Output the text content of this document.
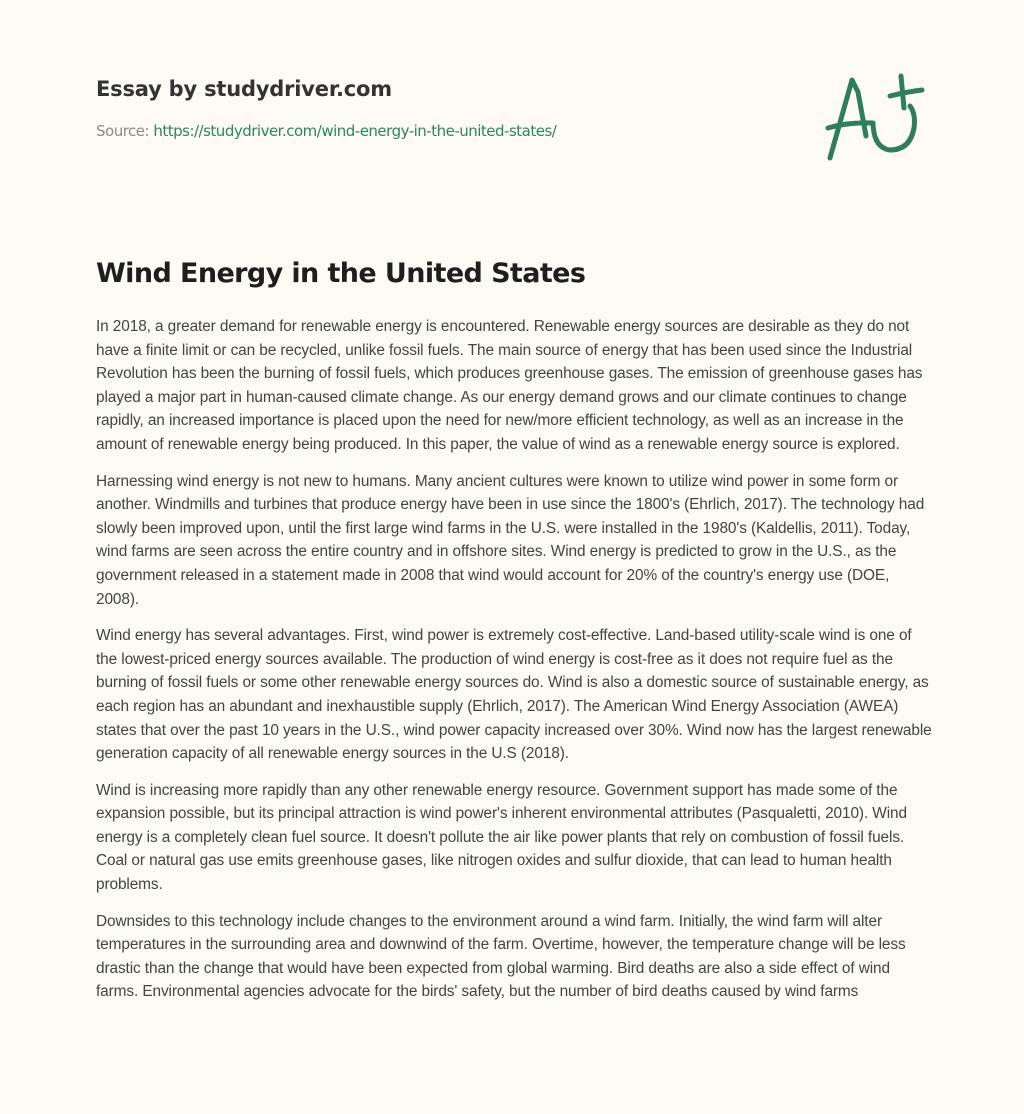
Essay by studydriver.com
Source: https://studydriver.com/wind-energy-in-the-united-states/
Wind Energy in the United States

In 2018, a greater demand for renewable energy is encountered. Renewable energy sources are desirable as they do not have a finite limit or can be recycled, unlike fossil fuels. The main source of energy that has been used since the Industrial Revolution has been the burning of fossil fuels, which produces greenhouse gases. The emission of greenhouse gases has played a major part in human-caused climate change. As our energy demand grows and our climate continues to change rapidly, an increased importance is placed upon the need for new/more efficient technology, as well as an increase in the amount of renewable energy being produced. In this paper, the value of wind as a renewable energy source is explored.

Harnessing wind energy is not new to humans. Many ancient cultures were known to utilize wind power in some form or another. Windmills and turbines that produce energy have been in use since the 1800's (Ehrlich, 2017). The technology had slowly been improved upon, until the first large wind farms in the U.S. were installed in the 1980's (Kaldellis, 2011). Today, wind farms are seen across the entire country and in offshore sites. Wind energy is predicted to grow in the U.S., as the government released in a statement made in 2008 that wind would account for 20% of the country's energy use (DOE, 2008).

Wind energy has several advantages. First, wind power is extremely cost-effective. Land-based utility-scale wind is one of the lowest-priced energy sources available. The production of wind energy is cost-free as it does not require fuel as the burning of fossil fuels or some other renewable energy sources do. Wind is also a domestic source of sustainable energy, as each region has an abundant and inexhaustible supply (Ehrlich, 2017). The American Wind Energy Association (AWEA) states that over the past 10 years in the U.S., wind power capacity increased over 30%. Wind now has the largest renewable generation capacity of all renewable energy sources in the U.S (2018).

Wind is increasing more rapidly than any other renewable energy resource. Government support has made some of the expansion possible, but its principal attraction is wind power's inherent environmental attributes (Pasqualetti, 2010). Wind energy is a completely clean fuel source. It doesn't pollute the air like power plants that rely on combustion of fossil fuels. Coal or natural gas use emits greenhouse gases, like nitrogen oxides and sulfur dioxide, that can lead to human health problems.

Downsides to this technology include changes to the environment around a wind farm. Initially, the wind farm will alter temperatures in the surrounding area and downwind of the farm. Overtime, however, the temperature change will be less drastic than the change that would have been expected from global warming. Bird deaths are also a side effect of wind farms. Environmental agencies advocate for the birds' safety, but the number of bird deaths caused by wind farms
